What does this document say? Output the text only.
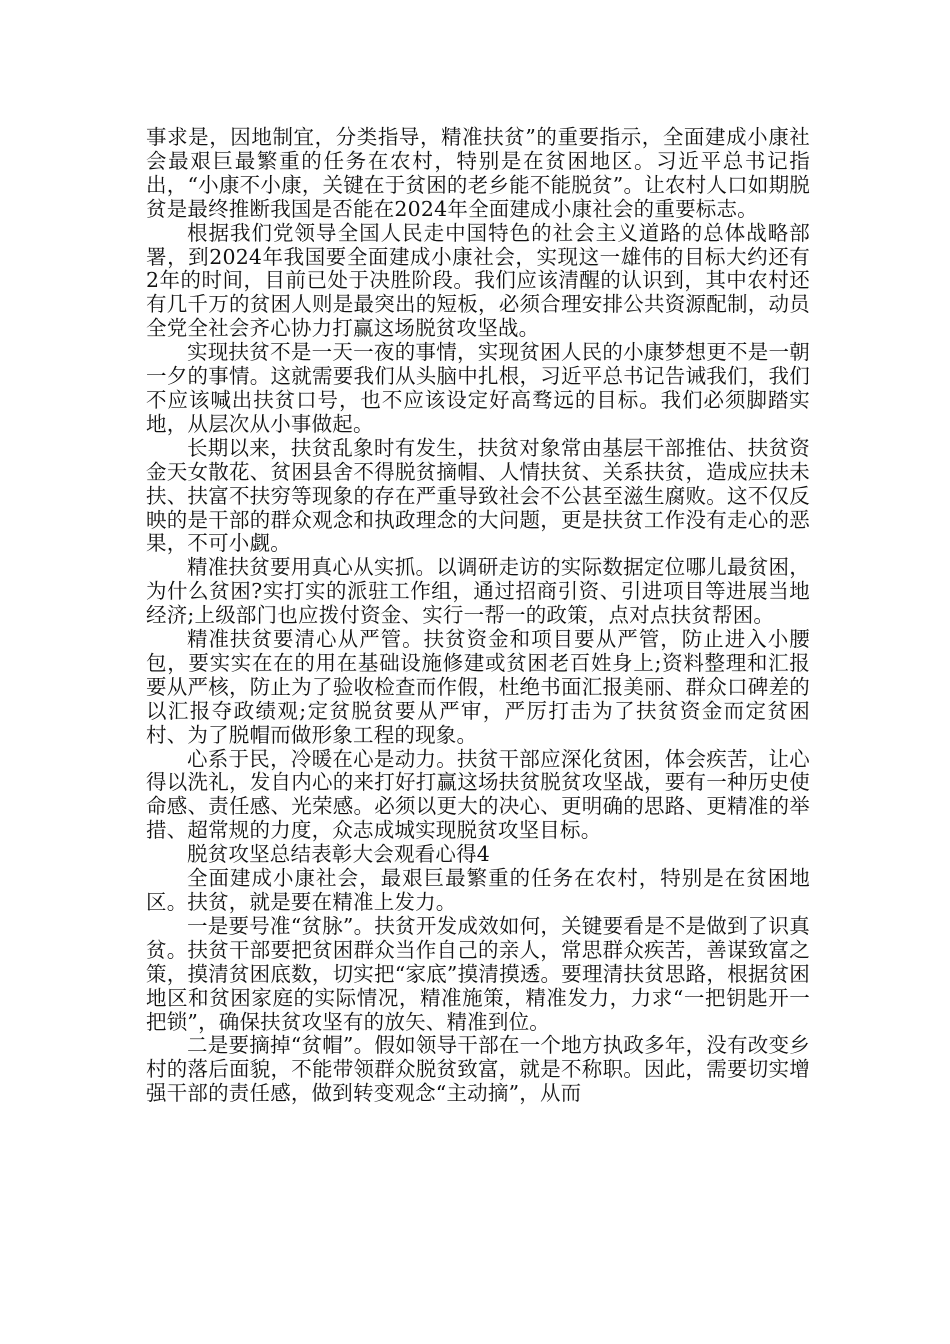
事求是，因地制宜，分类指导，精准扶贫”的重要指示，全面建成小康社会最艰巨最繁重的任务在农村，特别是在贫困地区。习近平总书记指出，“小康不小康，关键在于贫困的老乡能不能脱贫”。让农村人口如期脱贫是最终推断我国是否能在2024年全面建成小康社会的重要标志。

根据我们党领导全国人民走中国特色的社会主义道路的总体战略部署，到2024年我国要全面建成小康社会，实现这一雄伟的目标大约还有2年的时间，目前已处于决胜阶段。我们应该清醒的认识到，其中农村还有几千万的贫困人则是最突出的短板，必须合理安排公共资源配制，动员全党全社会齐心协力打赢这场脱贫攻坚战。

实现扶贫不是一天一夜的事情，实现贫困人民的小康梦想更不是一朝一夕的事情。这就需要我们从头脑中扎根，习近平总书记告诫我们，我们不应该喊出扶贫口号，也不应该设定好高骛远的目标。我们必须脚踏实地，从层次从小事做起。

长期以来，扶贫乱象时有发生，扶贫对象常由基层干部推估、扶贫资金天女散花、贫困县舍不得脱贫摘帽、人情扶贫、关系扶贫，造成应扶未扶、扶富不扶穷等现象的存在严重导致社会不公甚至滋生腐败。这不仅反映的是干部的群众观念和执政理念的大问题，更是扶贫工作没有走心的恶果，不可小觑。

精准扶贫要用真心从实抓。以调研走访的实际数据定位哪儿最贫困，为什么贫困?实打实的派驻工作组，通过招商引资、引进项目等进展当地经济;上级部门也应拨付资金、实行一帮一的政策，点对点扶贫帮困。

精准扶贫要清心从严管。扶贫资金和项目要从严管，防止进入小腰包，要实实在在的用在基础设施修建或贫困老百姓身上;资料整理和汇报要从严核，防止为了验收检查而作假，杜绝书面汇报美丽、群众口碑差的以汇报夺政绩观;定贫脱贫要从严审，严厉打击为了扶贫资金而定贫困村、为了脱帽而做形象工程的现象。

心系于民，冷暖在心是动力。扶贫干部应深化贫困，体会疾苦，让心得以洗礼，发自内心的来打好打赢这场扶贫脱贫攻坚战，要有一种历史使命感、责任感、光荣感。必须以更大的决心、更明确的思路、更精准的举措、超常规的力度，众志成城实现脱贫攻坚目标。

脱贫攻坚总结表彰大会观看心得4

全面建成小康社会，最艰巨最繁重的任务在农村，特别是在贫困地区。扶贫，就是要在精准上发力。

一是要号准“贫脉”。扶贫开发成效如何，关键要看是不是做到了识真贫。扶贫干部要把贫困群众当作自己的亲人，常思群众疾苦，善谋致富之策，摸清贫困底数，切实把“家底”摸清摸透。要理清扶贫思路，根据贫困地区和贫困家庭的实际情况，精准施策，精准发力，力求“一把钥匙开一把锁”，确保扶贫攻坚有的放矢、精准到位。

二是要摘掉“贫帽”。假如领导干部在一个地方执政多年，没有改变乡村的落后面貌，不能带领群众脱贫致富，就是不称职。因此，需要切实增强干部的责任感，做到转变观念“主动摘”，从而
